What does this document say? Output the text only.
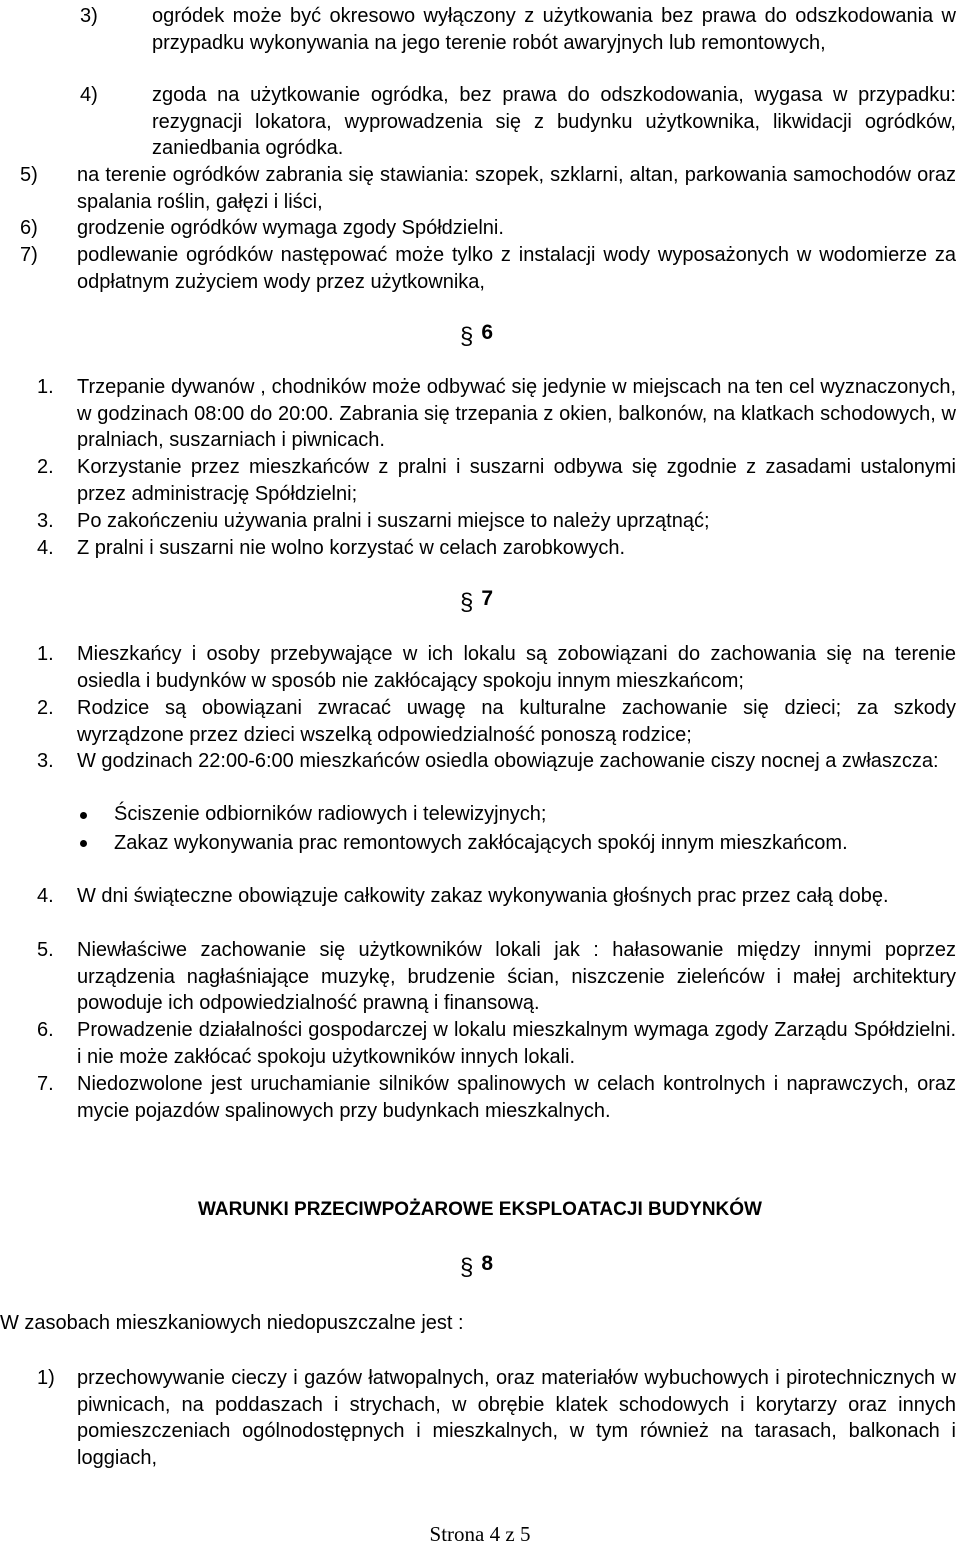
3)	ogródek może być okresowo wyłączony z użytkowania bez prawa do odszkodowania w przypadku wykonywania na jego terenie robót awaryjnych lub remontowych,
4)	zgoda na użytkowanie ogródka, bez prawa do odszkodowania, wygasa w przypadku: rezygnacji lokatora, wyprowadzenia się z budynku użytkownika, likwidacji ogródków, zaniedbania ogródka.
5) na terenie ogródków zabrania się stawiania: szopek, szklarni, altan, parkowania samochodów oraz spalania roślin, gałęzi i liści,
6) grodzenie ogródków wymaga zgody Spółdzielni.
7) podlewanie ogródków następować może tylko z instalacji wody wyposażonych w wodomierze za odpłatnym zużyciem wody przez użytkownika,
§ 6
1. Trzepanie dywanów , chodników może odbywać się jedynie w miejscach na ten cel wyznaczonych, w godzinach 08:00 do 20:00. Zabrania się trzepania z okien, balkonów, na klatkach schodowych, w pralniach, suszarniach i piwnicach.
2. Korzystanie przez mieszkańców z pralni i suszarni odbywa się zgodnie z zasadami ustalonymi przez administrację Spółdzielni;
3. Po zakończeniu używania pralni i suszarni miejsce to należy uprzątnąć;
4. Z pralni i suszarni nie wolno korzystać w celach zarobkowych.
§ 7
1. Mieszkańcy i osoby przebywające w ich lokalu są zobowiązani do zachowania się na terenie osiedla i budynków w sposób nie zakłócający spokoju innym mieszkańcom;
2. Rodzice są obowiązani zwracać uwagę na kulturalne zachowanie się dzieci; za szkody wyrządzone przez dzieci wszelką odpowiedzialność ponoszą rodzice;
3. W godzinach 22:00-6:00 mieszkańców osiedla obowiązuje zachowanie ciszy nocnej a zwłaszcza:
Ściszenie odbiorników radiowych i telewizyjnych;
Zakaz wykonywania prac remontowych zakłócających spokój innym mieszkańcom.
4. W dni świąteczne obowiązuje całkowity zakaz wykonywania głośnych prac przez całą dobę.
5. Niewłaściwe zachowanie się użytkowników lokali jak : hałasowanie między innymi poprzez urządzenia nagłaśniające muzykę, brudzenie ścian, niszczenie zieleńców i małej architektury powoduje ich odpowiedzialność prawną i finansową.
6. Prowadzenie działalności gospodarczej w lokalu mieszkalnym wymaga zgody Zarządu Spółdzielni. i nie może zakłócać spokoju użytkowników innych lokali.
7. Niedozwolone jest uruchamianie silników spalinowych w celach kontrolnych i naprawczych, oraz mycie pojazdów spalinowych przy budynkach mieszkalnych.
WARUNKI PRZECIWPOŻAROWE EKSPLOATACJI BUDYNKÓW
§ 8
W zasobach mieszkaniowych niedopuszczalne jest :
1) przechowywanie cieczy i gazów łatwopalnych, oraz materiałów wybuchowych i pirotechnicznych w piwnicach, na poddaszach i strychach, w obrębie klatek schodowych i korytarzy oraz innych pomieszczeniach ogólnodostępnych i mieszkalnych, w tym również na tarasach, balkonach i loggiach,
Strona 4 z 5
